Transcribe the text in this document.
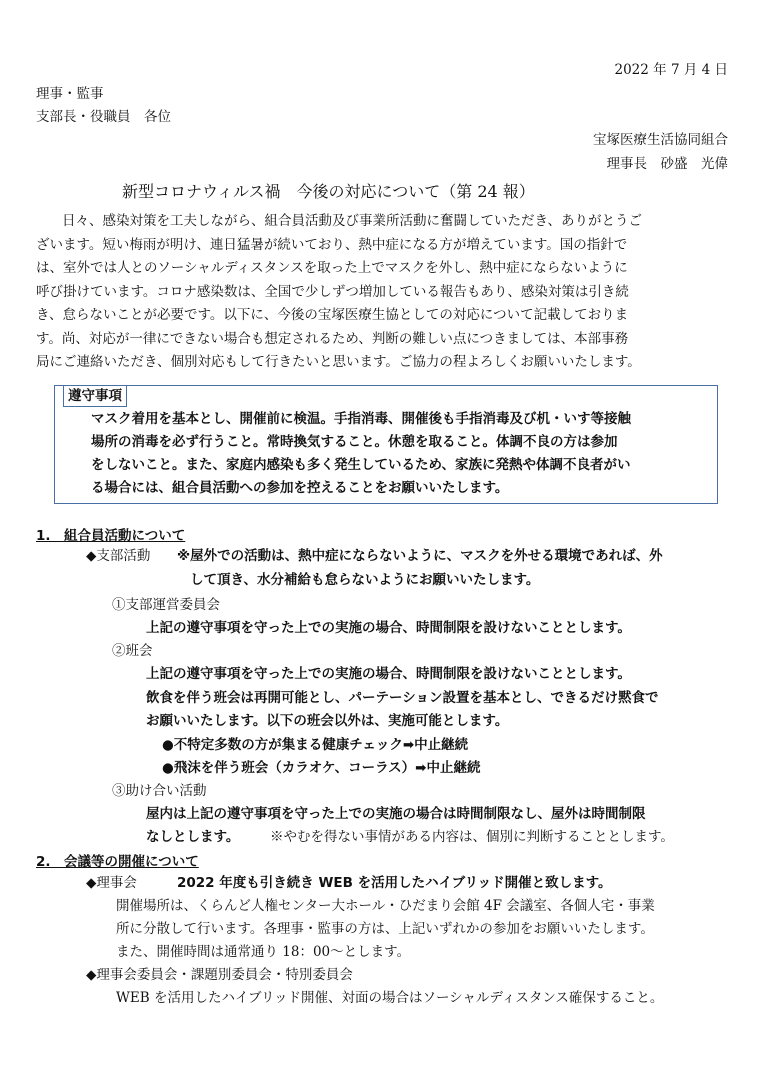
2022 年 7 月 4 日
理事・監事
支部長・役職員　各位
宝塚医療生活協同組合
理事長　砂盛　光偉
新型コロナウィルス禍　今後の対応について（第 24 報）
日々、感染対策を工夫しながら、組合員活動及び事業所活動に奮闘していただき、ありがとうご
ざいます。短い梅雨が明け、連日猛暑が続いており、熱中症になる方が増えています。国の指針で
は、室外では人とのソーシャルディスタンスを取った上でマスクを外し、熱中症にならないように
呼び掛けています。コロナ感染数は、全国で少しずつ増加している報告もあり、感染対策は引き続
き、怠らないことが必要です。以下に、今後の宝塚医療生協としての対応について記載しておりま
す。尚、対応が一律にできない場合も想定されるため、判断の難しい点につきましては、本部事務
局にご連絡いただき、個別対応もして行きたいと思います。ご協力の程よろしくお願いいたします。
遵守事項
マスク着用を基本とし、開催前に検温。手指消毒、開催後も手指消毒及び机・いす等接触
場所の消毒を必ず行うこと。常時換気すること。休憩を取ること。体調不良の方は参加
をしないこと。また、家庭内感染も多く発生しているため、家族に発熱や体調不良者がい
る場合には、組合員活動への参加を控えることをお願いいたします。
1.　組合員活動について
◆支部活動 ※屋外での活動は、熱中症にならないように、マスクを外せる環境であれば、外
して頂き、水分補給も怠らないようにお願いいたします。
①支部運営委員会
上記の遵守事項を守った上での実施の場合、時間制限を設けないこととします。
②班会
上記の遵守事項を守った上での実施の場合、時間制限を設けないこととします。
飲食を伴う班会は再開可能とし、パーテーション設置を基本とし、できるだけ黙食で
お願いいたします。以下の班会以外は、実施可能とします。
●不特定多数の方が集まる健康チェック➡中止継続
●飛沫を伴う班会（カラオケ、コーラス）➡中止継続
③助け合い活動
屋内は上記の遵守事項を守った上での実施の場合は時間制限なし、屋外は時間制限
なしとします。 ※やむを得ない事情がある内容は、個別に判断することとします。
2.　会議等の開催について
◆理事会	2022 年度も引き続き WEB を活用したハイブリッド開催と致します。
開催場所は、くらんど人権センター大ホール・ひだまり会館 4F 会議室、各個人宅・事業
所に分散して行います。各理事・監事の方は、上記いずれかの参加をお願いいたします。
また、開催時間は通常通り 18：00～とします。
◆理事会委員会・課題別委員会・特別委員会
WEB を活用したハイブリッド開催、対面の場合はソーシャルディスタンス確保すること。
